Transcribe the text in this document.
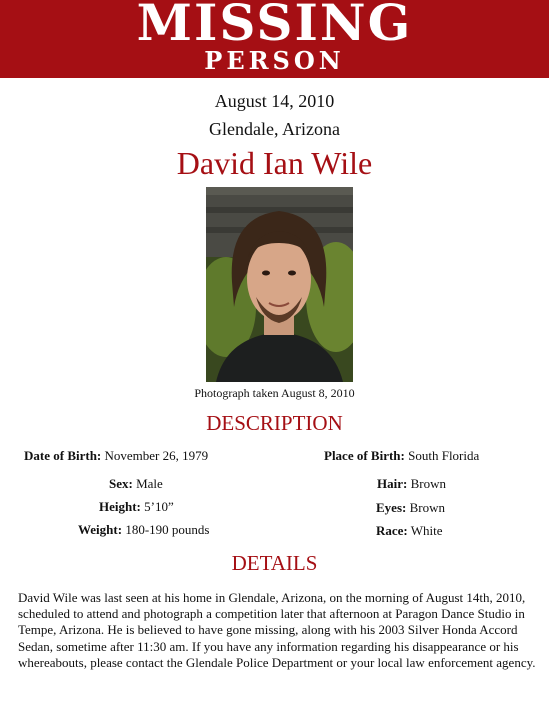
MISSING
PERSON
August 14, 2010
Glendale, Arizona
David Ian Wile
Photograph taken August 8, 2010
DESCRIPTION
Date of Birth: November 26, 1979	Place of Birth: South Florida
Sex: Male	Hair: Brown
Height: 5’10”	Eyes: Brown
Weight: 180-190 pounds	Race: White
DETAILS
David Wile was last seen at his home in Glendale, Arizona, on the morning of August 14th, 2010, scheduled to attend and photograph a competition later that afternoon at Paragon Dance Studio in Tempe, Arizona. He is believed to have gone missing, along with his 2003 Silver Honda Accord Sedan, sometime after 11:30 am. If you have any information regarding his disappearance or his whereabouts, please contact the Glendale Police Department or your local law enforcement agency.
